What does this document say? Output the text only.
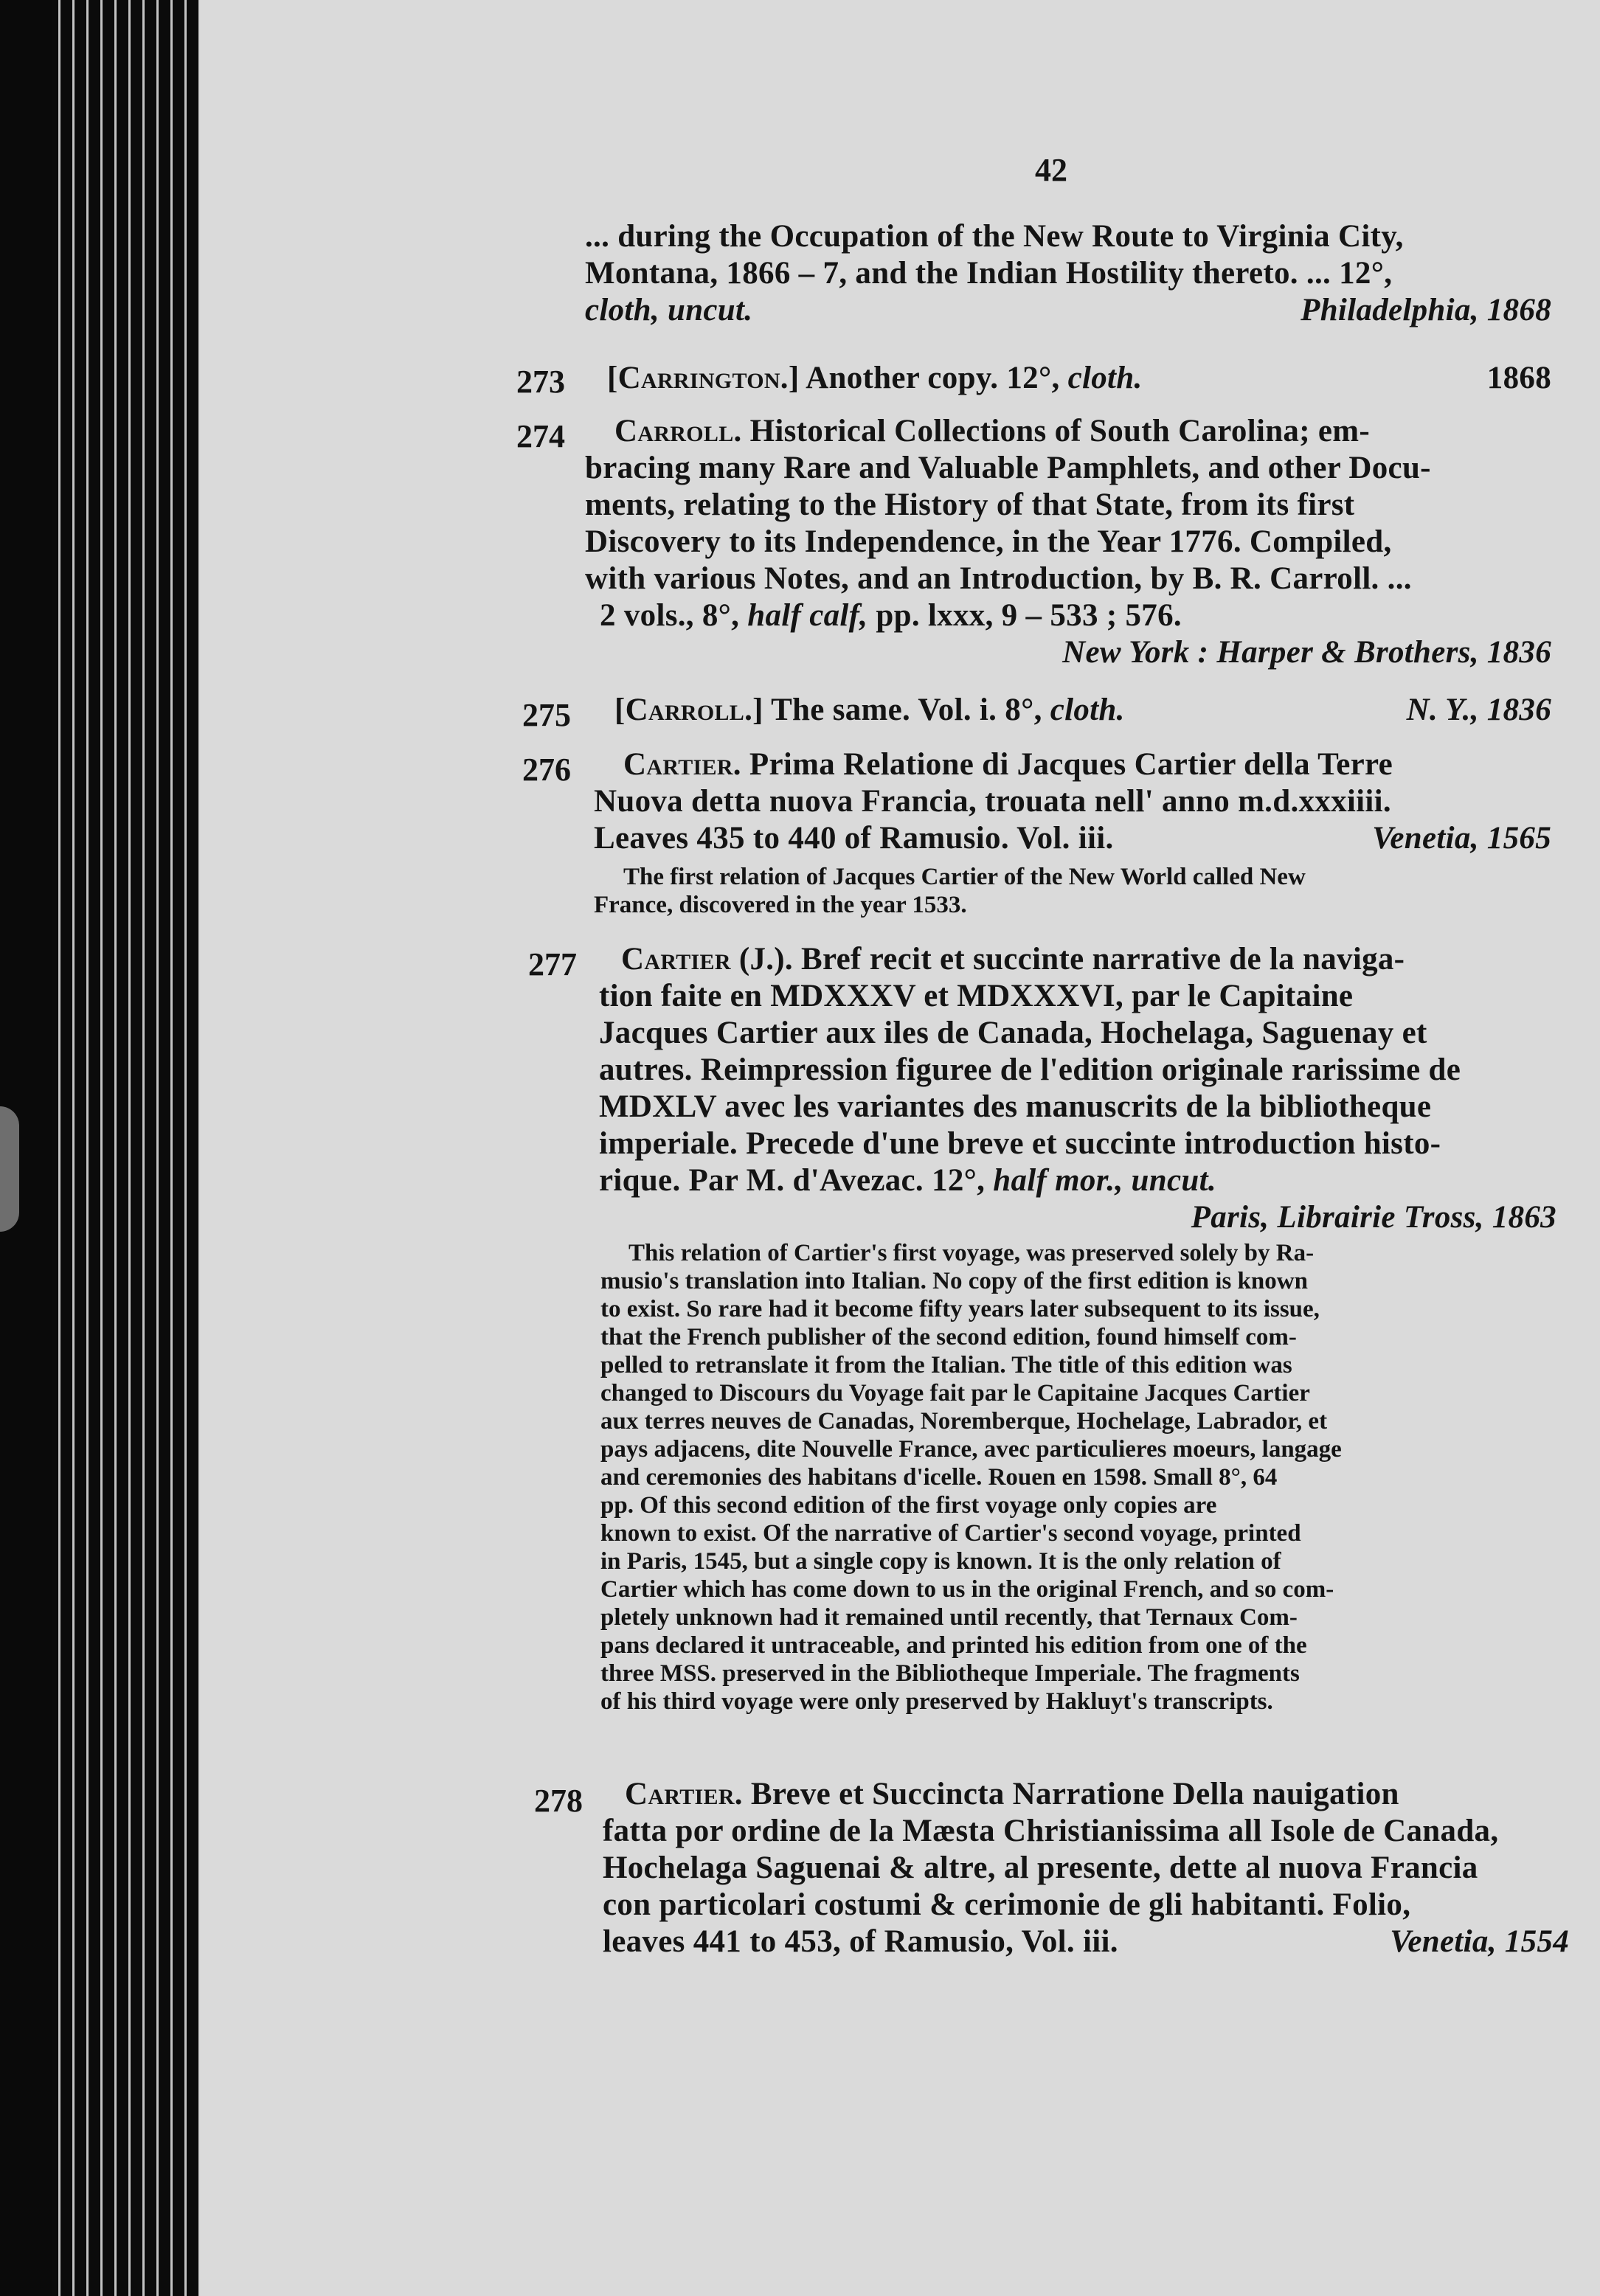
42
... during the Occupation of the New Route to Virginia City,
Montana, 1866 – 7, and the Indian Hostility thereto. ... 12°,
cloth, uncut.	Philadelphia, 1868
273 [Carrington.] Another copy. 12°, cloth.	1868
274	Carroll. Historical Collections of South Carolina; em-
bracing many Rare and Valuable Pamphlets, and other Docu-
ments, relating to the History of that State, from its first
Discovery to its Independence, in the Year 1776. Compiled,
with various Notes, and an Introduction, by B. R. Carroll. ...
2 vols., 8°, half calf, pp. lxxx, 9 – 533 ; 576.
New York : Harper & Brothers, 1836
275 [Carroll.] The same. Vol. i. 8°, cloth.	N. Y., 1836
276	Cartier. Prima Relatione di Jacques Cartier della Terre
Nuova detta nuova Francia, trouata nell' anno m.d.xxxiiii.
Leaves 435 to 440 of Ramusio. Vol. iii.	Venetia, 1565
The first relation of Jacques Cartier of the New World called New
France, discovered in the year 1533.
277	Cartier (J.). Bref recit et succinte narrative de la naviga-
tion faite en MDXXXV et MDXXXVI, par le Capitaine
Jacques Cartier aux iles de Canada, Hochelaga, Saguenay et
autres. Reimpression figuree de l'edition originale rarissime de
MDXLV avec les variantes des manuscrits de la bibliotheque
imperiale. Precede d'une breve et succinte introduction histo-
rique. Par M. d'Avezac. 12°, half mor., uncut.
Paris, Librairie Tross, 1863
This relation of Cartier's first voyage, was preserved solely by Ra-
musio's translation into Italian. No copy of the first edition is known
to exist. So rare had it become fifty years later subsequent to its issue,
that the French publisher of the second edition, found himself com-
pelled to retranslate it from the Italian. The title of this edition was
changed to Discours du Voyage fait par le Capitaine Jacques Cartier
aux terres neuves de Canadas, Noremberque, Hochelage, Labrador, et
pays adjacens, dite Nouvelle France, avec particulieres moeurs, langage
and ceremonies des habitans d'icelle. Rouen en 1598. Small 8°, 64
pp. Of this second edition of the first voyage only copies are
known to exist. Of the narrative of Cartier's second voyage, printed
in Paris, 1545, but a single copy is known. It is the only relation of
Cartier which has come down to us in the original French, and so com-
pletely unknown had it remained until recently, that Ternaux Com-
pans declared it untraceable, and printed his edition from one of the
three MSS. preserved in the Bibliotheque Imperiale. The fragments
of his third voyage were only preserved by Hakluyt's transcripts.
278	Cartier. Breve et Succincta Narratione Della nauigation
fatta por ordine de la Mæsta Christianissima all Isole de Canada,
Hochelaga Saguenai & altre, al presente, dette al nuova Francia
con particolari costumi & cerimonie de gli habitanti. Folio,
leaves 441 to 453, of Ramusio, Vol. iii.	Venetia, 1554
